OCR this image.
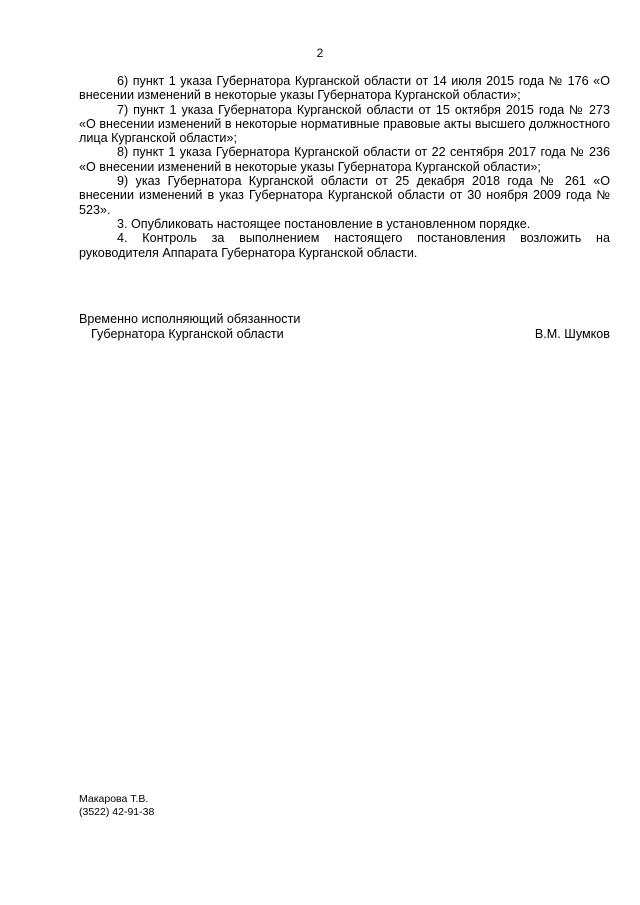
2

6) пункт 1 указа Губернатора Курганской области от 14 июля 2015 года № 176 «О внесении изменений в некоторые указы Губернатора Курганской области»;

7) пункт 1 указа Губернатора Курганской области от 15 октября 2015 года № 273 «О внесении изменений в некоторые нормативные правовые акты высшего должностного лица Курганской области»;

8) пункт 1 указа Губернатора Курганской области от 22 сентября 2017 года № 236 «О внесении изменений в некоторые указы Губернатора Курганской области»;

9) указ Губернатора Курганской области от 25 декабря 2018 года № 261 «О внесении изменений в указ Губернатора Курганской области от 30 ноября 2009 года № 523».

3. Опубликовать настоящее постановление в установленном порядке.

4. Контроль за выполнением настоящего постановления возложить на руководителя Аппарата Губернатора Курганской области.

Временно исполняющий обязанности
Губернатора Курганской области	В.М. Шумков
Макарова Т.В.
(3522) 42-91-38
